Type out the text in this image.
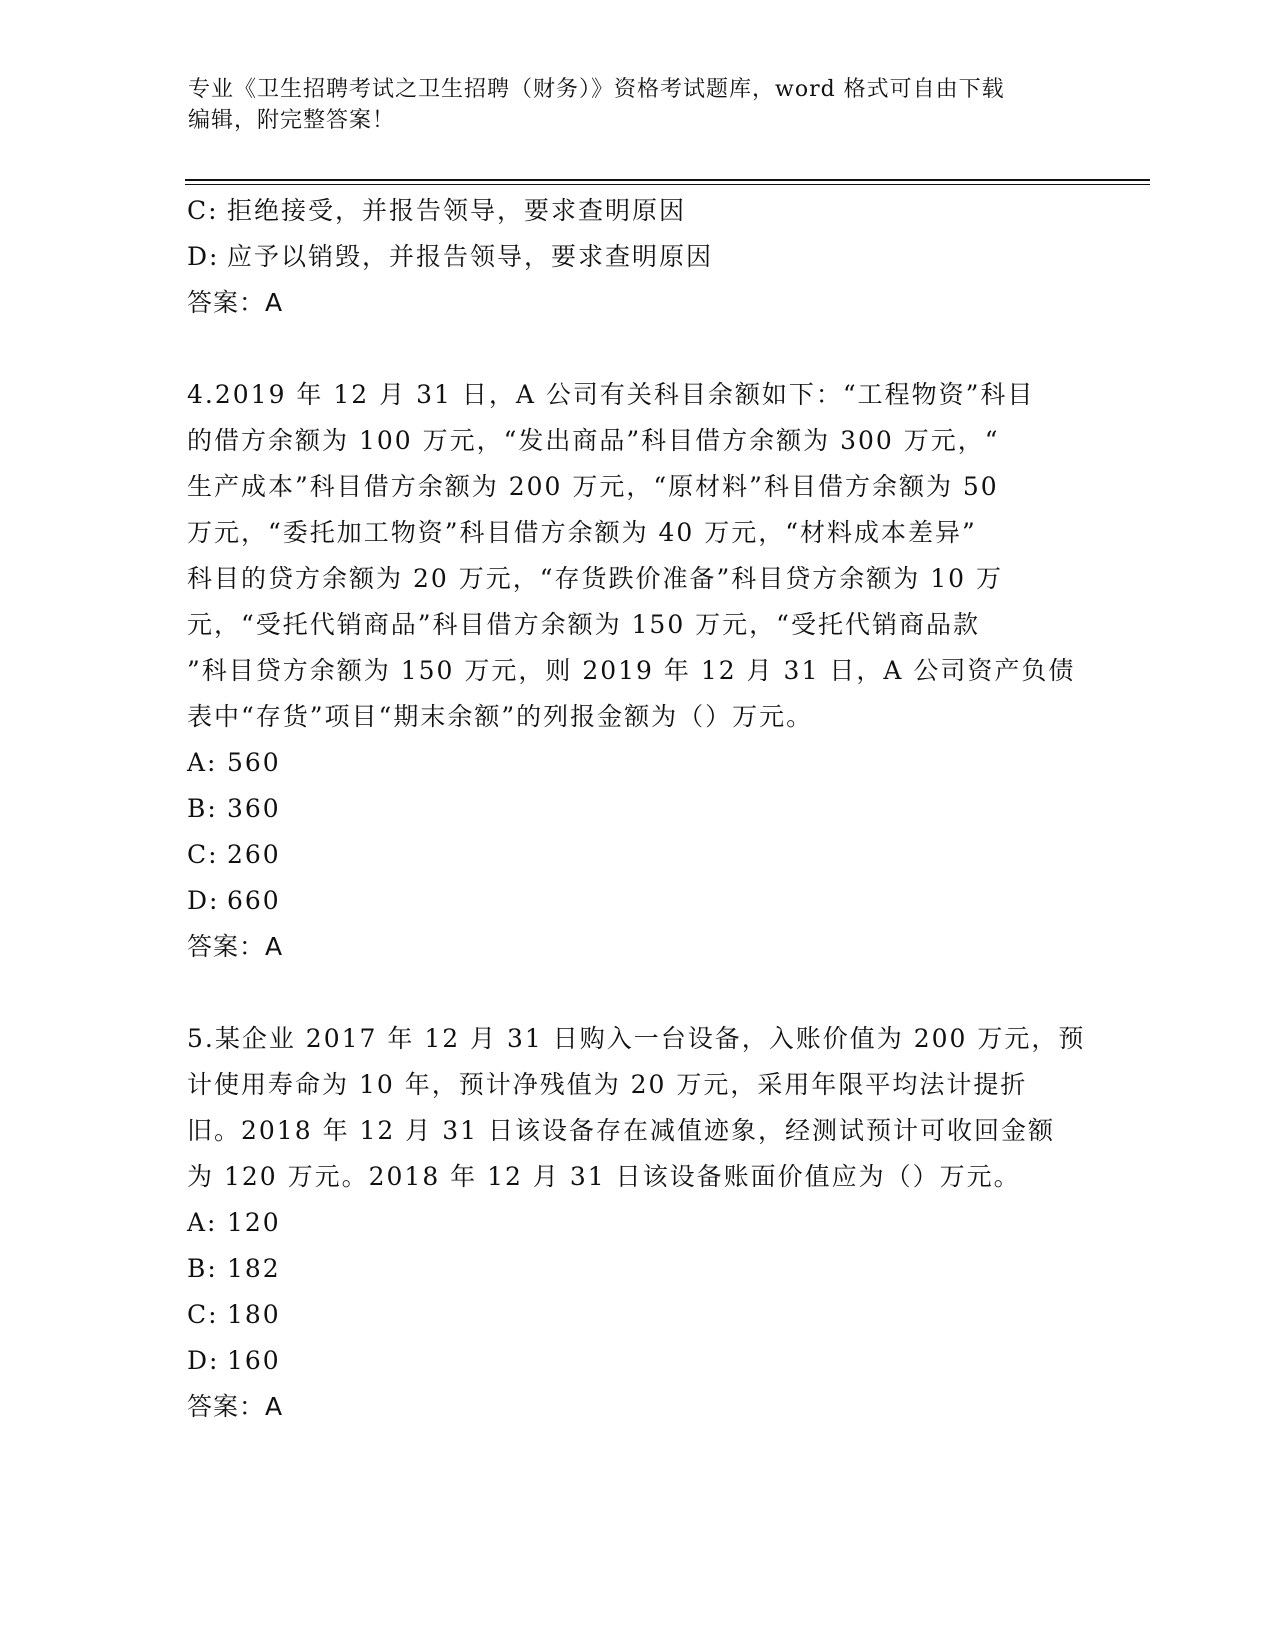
专业《卫生招聘考试之卫生招聘（财务）》资格考试题库，word 格式可自由下载
编辑，附完整答案！
C: 拒绝接受，并报告领导，要求查明原因
D: 应予以销毁，并报告领导，要求查明原因
答案：A
4.2019 年 12 月 31 日，A 公司有关科目余额如下：“工程物资”科目
的借方余额为 100 万元，“发出商品”科目借方余额为 300 万元，“
生产成本”科目借方余额为 200 万元，“原材料”科目借方余额为 50
万元，“委托加工物资”科目借方余额为 40 万元，“材料成本差异”
科目的贷方余额为 20 万元，“存货跌价准备”科目贷方余额为 10 万
元，“受托代销商品”科目借方余额为 150 万元，“受托代销商品款
”科目贷方余额为 150 万元，则 2019 年 12 月 31 日，A 公司资产负债
表中“存货”项目“期末余额”的列报金额为（）万元。
A: 560
B: 360
C: 260
D: 660
答案：A
5.某企业 2017 年 12 月 31 日购入一台设备，入账价值为 200 万元，预
计使用寿命为 10 年，预计净残值为 20 万元，采用年限平均法计提折
旧。2018 年 12 月 31 日该设备存在减值迹象，经测试预计可收回金额
为 120 万元。2018 年 12 月 31 日该设备账面价值应为（）万元。
A: 120
B: 182
C: 180
D: 160
答案：A
